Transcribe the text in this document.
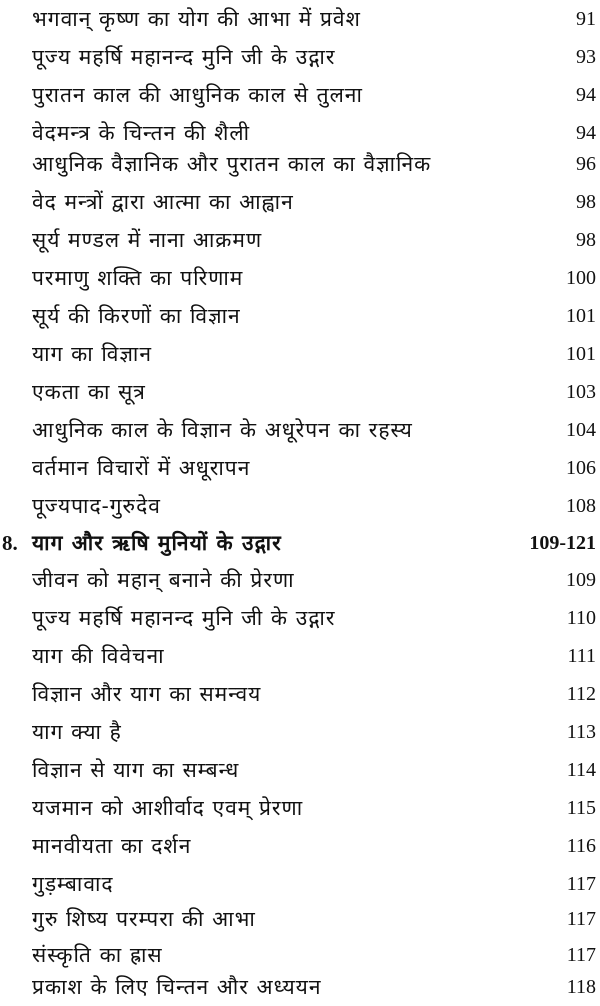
भगवान् कृष्ण का योग की आभा में प्रवेश	91
पूज्य महर्षि महानन्द मुनि जी के उद्गार	93
पुरातन काल की आधुनिक काल से तुलना	94
वेदमन्त्र के चिन्तन की शैली	94
आधुनिक वैज्ञानिक और पुरातन काल का वैज्ञानिक	96
वेद मन्त्रों द्वारा आत्मा का आह्वान	98
सूर्य मण्डल में नाना आक्रमण	98
परमाणु शक्ति का परिणाम	100
सूर्य की किरणों का विज्ञान	101
याग का विज्ञान	101
एकता का सूत्र	103
आधुनिक काल के विज्ञान के अधूरेपन का रहस्य	104
वर्तमान विचारों में अधूरापन	106
पूज्यपाद-गुरुदेव	108
8. याग और ऋषि मुनियों के उद्गार	109-121
जीवन को महान् बनाने की प्रेरणा	109
पूज्य महर्षि महानन्द मुनि जी के उद्गार	110
याग की विवेचना	111
विज्ञान और याग का समन्वय	112
याग क्या है	113
विज्ञान से याग का सम्बन्ध	114
यजमान को आशीर्वाद एवम् प्रेरणा	115
मानवीयता का दर्शन	116
गुड़म्बावाद	117
गुरु शिष्य परम्परा की आभा	117
संस्कृति का ह्रास	117
प्रकाश के लिए चिन्तन और अध्ययन	118
